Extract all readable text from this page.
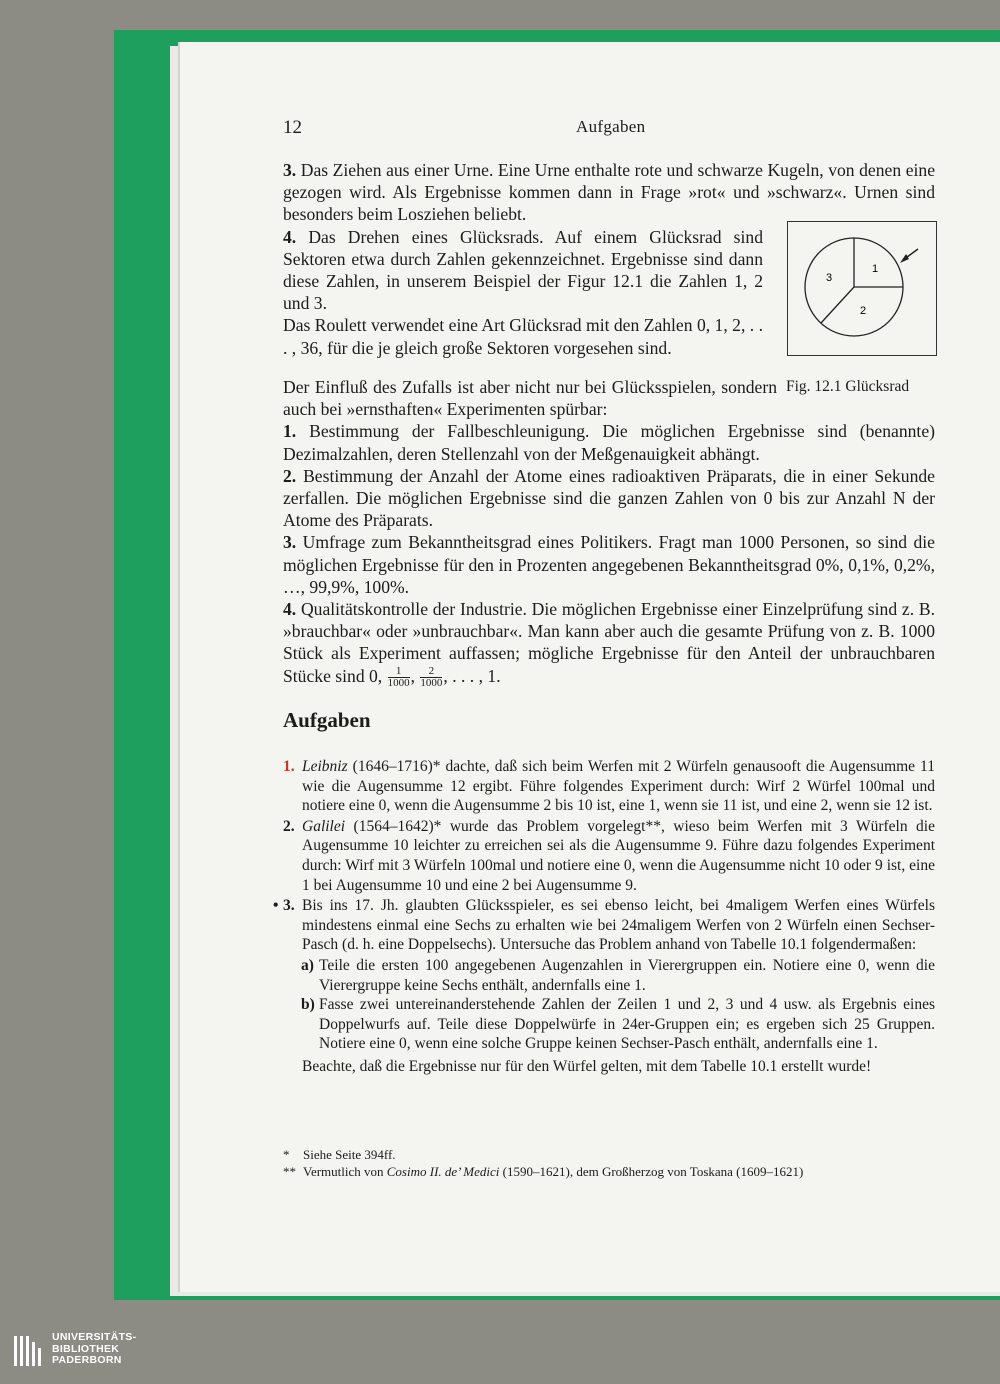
12	Aufgaben

3. Das Ziehen aus einer Urne. Eine Urne enthalte rote und schwarze Kugeln, von denen eine gezogen wird. Als Ergebnisse kommen dann in Frage »rot« und »schwarz«. Urnen sind besonders beim Losziehen beliebt.

4. Das Drehen eines Glücksrads. Auf einem Glücksrad sind Sektoren etwa durch Zahlen gekennzeichnet. Ergebnisse sind dann diese Zahlen, in unserem Beispiel der Figur 12.1 die Zahlen 1, 2 und 3.

Das Roulett verwendet eine Art Glücksrad mit den Zahlen 0, 1, 2, . . . , 36, für die je gleich große Sektoren vorgesehen sind.

Der Einfluß des Zufalls ist aber nicht nur bei Glücksspielen, sondern auch bei »ernsthaften« Experimenten spürbar:

1. Bestimmung der Fallbeschleunigung. Die möglichen Ergebnisse sind (benannte) Dezimalzahlen, deren Stellenzahl von der Meßgenauigkeit abhängt.

2. Bestimmung der Anzahl der Atome eines radioaktiven Präparats, die in einer Sekunde zerfallen. Die möglichen Ergebnisse sind die ganzen Zahlen von 0 bis zur Anzahl N der Atome des Präparats.

3. Umfrage zum Bekanntheitsgrad eines Politikers. Fragt man 1000 Personen, so sind die möglichen Ergebnisse für den in Prozenten angegebenen Bekanntheitsgrad 0%, 0,1%, 0,2%, …, 99,9%, 100%.

4. Qualitätskontrolle der Industrie. Die möglichen Ergebnisse einer Einzelprüfung sind z. B. »brauchbar« oder »unbrauchbar«. Man kann aber auch die gesamte Prüfung von z. B. 1000 Stück als Experiment auffassen; mögliche Ergebnisse für den Anteil der unbrauchbaren Stücke sind 0, $\frac{1}{1000}$ , $\frac{2}{1000}$ , . . . , 1.

1
2
3
Fig. 12.1 Glücksrad
Aufgaben
1. Leibniz (1646–1716)* dachte, daß sich beim Werfen mit 2 Würfeln genausooft die Augensumme 11 wie die Augensumme 12 ergibt. Führe folgendes Experiment durch: Wirf 2 Würfel 100mal und notiere eine 0, wenn die Augensumme 2 bis 10 ist, eine 1, wenn sie 11 ist, und eine 2, wenn sie 12 ist.
2. Galilei (1564–1642)* wurde das Problem vorgelegt**, wieso beim Werfen mit 3 Würfeln die Augensumme 10 leichter zu erreichen sei als die Augensumme 9. Führe dazu folgendes Experiment durch: Wirf mit 3 Würfeln 100mal und notiere eine 0, wenn die Augensumme nicht 10 oder 9 ist, eine 1 bei Augensumme 10 und eine 2 bei Augensumme 9.
• 3. Bis ins 17. Jh. glaubten Glücksspieler, es sei ebenso leicht, bei 4maligem Werfen eines Würfels mindestens einmal eine Sechs zu erhalten wie bei 24maligem Werfen von 2 Würfeln einen Sechser-Pasch (d. h. eine Doppelsechs). Untersuche das Problem anhand von Tabelle 10.1 folgendermaßen:
a) Teile die ersten 100 angegebenen Augenzahlen in Vierergruppen ein. Notiere eine 0, wenn die Vierergruppe keine Sechs enthält, andernfalls eine 1.
b) Fasse zwei untereinanderstehende Zahlen der Zeilen 1 und 2, 3 und 4 usw. als Ergebnis eines Doppelwurfs auf. Teile diese Doppelwürfe in 24er-Gruppen ein; es ergeben sich 25 Gruppen. Notiere eine 0, wenn eine solche Gruppe keinen Sechser-Pasch enthält, andernfalls eine 1.
Beachte, daß die Ergebnisse nur für den Würfel gelten, mit dem Tabelle 10.1 erstellt wurde!
* Siehe Seite 394ff.
** Vermutlich von Cosimo II. de’ Medici (1590–1621), dem Großherzog von Toskana (1609–1621)
UNIVERSITÄTS-
BIBLIOTHEK
PADERBORN
